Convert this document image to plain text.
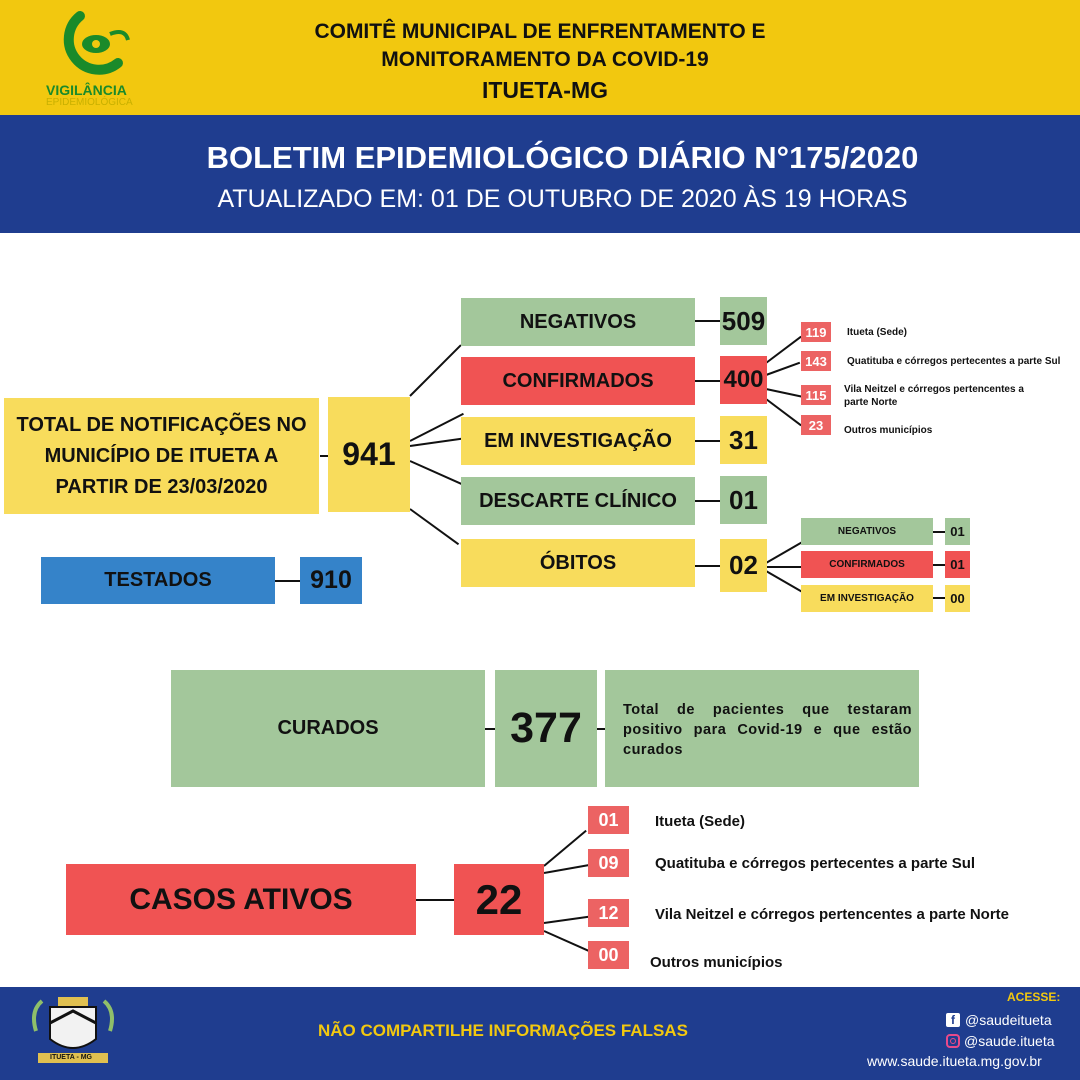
VIGILÂNCIA
EPIDEMIOLÓGICA
COMITÊ MUNICIPAL DE ENFRENTAMENTO E
MONITORAMENTO DA COVID-19
ITUETA-MG
BOLETIM EPIDEMIOLÓGICO DIÁRIO N°175/2020
ATUALIZADO EM: 01 DE OUTUBRO DE 2020 ÀS 19 HORAS
TOTAL DE NOTIFICAÇÕES NO MUNICÍPIO DE ITUETA A PARTIR DE 23/03/2020
941
TESTADOS	910
NEGATIVOS	509
CONFIRMADOS	400
EM INVESTIGAÇÃO	31
DESCARTE CLÍNICO	01
ÓBITOS	02
119	Itueta (Sede)
143	Quatituba e córregos pertecentes a parte Sul
115	Vila Neitzel e córregos pertencentes a parte Norte
23	Outros municípios
NEGATIVOS	01
CONFIRMADOS	01
EM INVESTIGAÇÃO	00
CURADOS	377	Total de pacientes que testaram positivo para Covid-19 e que estão curados
CASOS ATIVOS	22
01	Itueta (Sede)
09	Quatituba e córregos pertecentes a parte Sul
12	Vila Neitzel e córregos pertencentes a parte Norte
00	Outros municípios
ITUETA - MG
NÃO COMPARTILHE INFORMAÇÕES FALSAS
ACESSE:
f @saudeitueta
@saude.itueta
www.saude.itueta.mg.gov.br
